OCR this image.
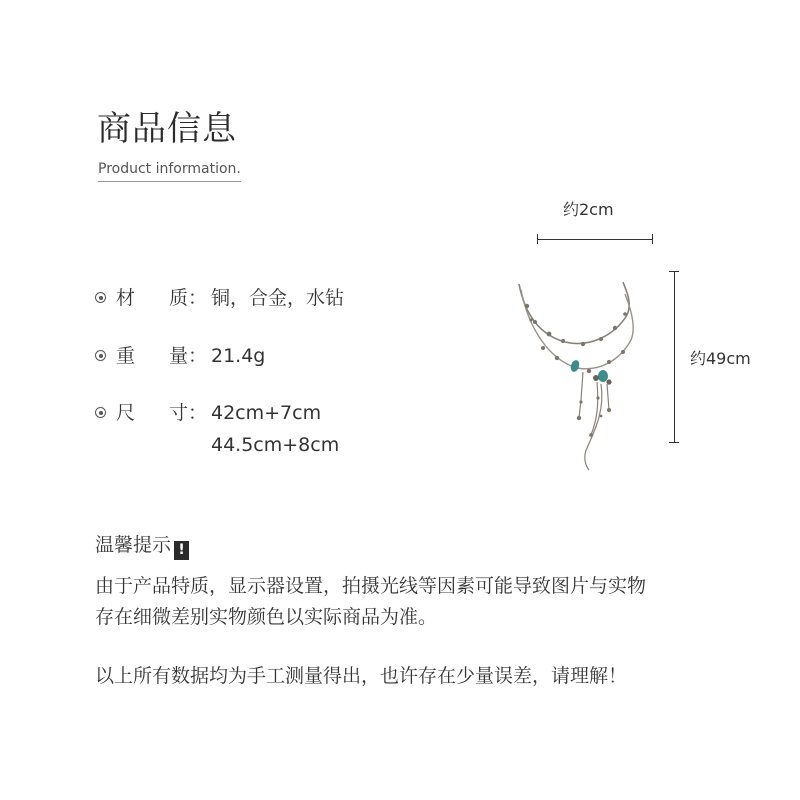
商品信息
Product information.
材 质： 铜，合金，水钻
重 量： 21.4g
尺 寸： 42cm+7cm
44.5cm+8cm
约2cm
约49cm
温馨提示 !
由于产品特质，显示器设置，拍摄光线等因素可能导致图片与实物
存在细微差别实物颜色以实际商品为准。
以上所有数据均为手工测量得出，也许存在少量误差，请理解！
